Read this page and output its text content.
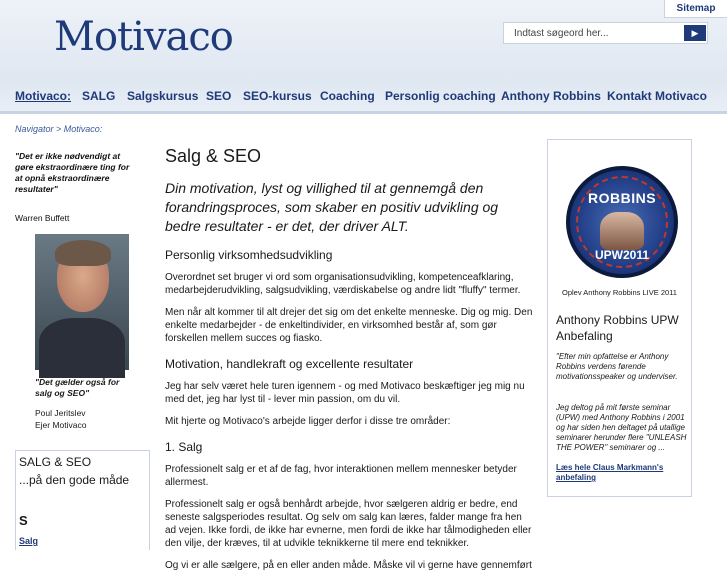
Motivaco
Sitemap
Indtast søgeord her...
▶
Motivaco: SALG Salgskursus SEO SEO-kursus Coaching Personlig coaching Anthony Robbins Kontakt Motivaco
Navigator > Motivaco:
"Det er ikke nødvendigt at gøre ekstraordinære ting for at opnå ekstraordinære resultater"
Warren Buffett
"Det gælder også for salg og SEO"
Poul Jeritslev
Ejer Motivaco
SALG & SEO
...på den gode måde
S
Salg
Salg & SEO
Din motivation, lyst og villighed til at gennemgå den forandringsproces, som skaber en positiv udvikling og bedre resultater - er det, der driver ALT.
Personlig virksomhedsudvikling
Overordnet set bruger vi ord som organisationsudvikling, kompetenceafklaring, medarbejderudvikling, salgsudvikling, værdiskabelse og andre lidt "fluffy" termer.
Men når alt kommer til alt drejer det sig om det enkelte menneske. Dig og mig. Den enkelte medarbejder - de enkeltindivider, en virksomhed består af, som gør forskellen mellem succes og fiasko.
Motivation, handlekraft og excellente resultater
Jeg har selv været hele turen igennem - og med Motivaco beskæftiger jeg mig nu med det, jeg har lyst til - lever min passion, om du vil.
Mit hjerte og Motivaco's arbejde ligger derfor i disse tre områder:
1. Salg
Professionelt salg er et af de fag, hvor interaktionen mellem mennesker betyder allermest.
Professionelt salg er også benhårdt arbejde, hvor sælgeren aldrig er bedre, end seneste salgsperiodes resultat. Og selv om salg kan læres, falder mange fra hen ad vejen. Ikke fordi, de ikke har evnerne, men fordi de ikke har tålmodigheden eller den vilje, der kræves, til at udvikle teknikkerne til mere end teknikker.
Og vi er alle sælgere, på en eller anden måde. Måske vil vi gerne have gennemført
ROBBINS
UPW2011
Oplev Anthony Robbins LIVE 2011
Anthony Robbins UPW Anbefaling
"Efter min opfattelse er Anthony Robbins verdens førende motivationsspeaker og underviser.
Jeg deltog på mit første seminar (UPW) med Anthony Robbins i 2001 og har siden hen deltaget på utallige seminarer herunder flere "UNLEASH THE POWER" seminarer og ...
Læs hele Claus Markmann's anbefaling
